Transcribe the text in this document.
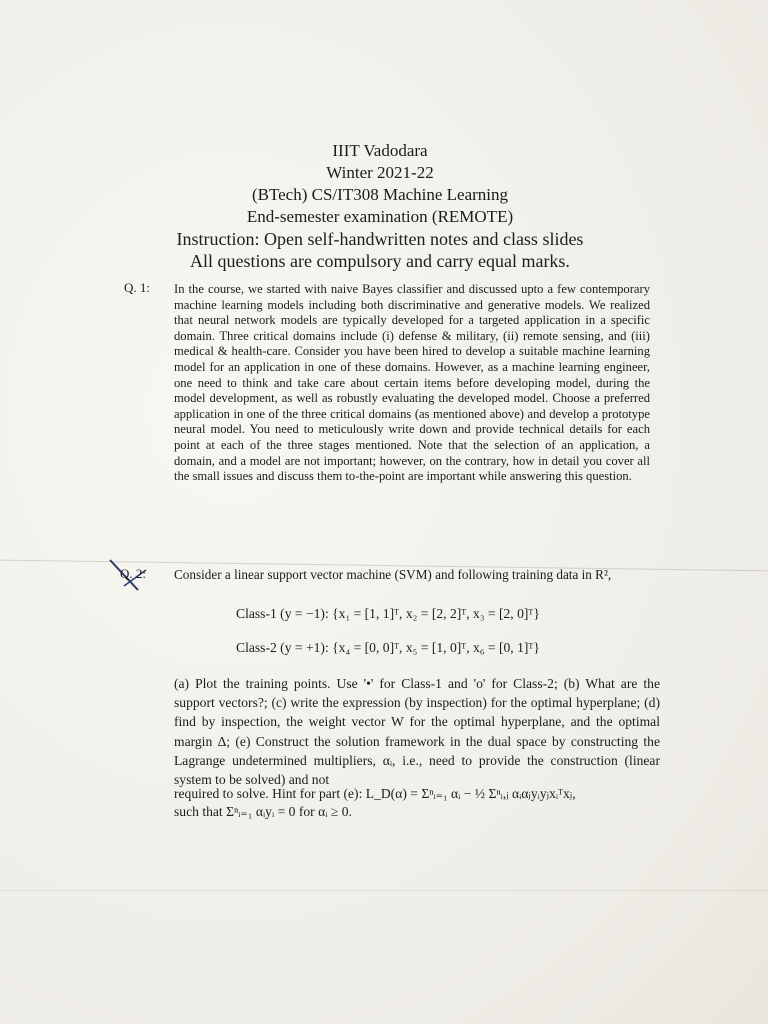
IIIT Vadodara
Winter 2021-22
(BTech) CS/IT308 Machine Learning
End-semester examination (REMOTE)
Instruction: Open self-handwritten notes and class slides
All questions are compulsory and carry equal marks.
Q. 1: In the course, we started with naive Bayes classifier and discussed upto a few contemporary machine learning models including both discriminative and generative models. We realized that neural network models are typically developed for a targeted application in a specific domain. Three critical domains include (i) defense & military, (ii) remote sensing, and (iii) medical & health-care. Consider you have been hired to develop a suitable machine learning model for an application in one of these domains. However, as a machine learning engineer, one need to think and take care about certain items before developing model, during the model development, as well as robustly evaluating the developed model. Choose a preferred application in one of the three critical domains (as mentioned above) and develop a prototype neural model. You need to meticulously write down and provide technical details for each point at each of the three stages mentioned. Note that the selection of an application, a domain, and a model are not important; however, on the contrary, how in detail you cover all the small issues and discuss them to-the-point are important while answering this question.
Q. 2: Consider a linear support vector machine (SVM) and following training data in R²,
Class-1 (y = −1): {x₁ = [1, 1]ᵀ, x₂ = [2, 2]ᵀ, x₃ = [2, 0]ᵀ}
Class-2 (y = +1): {x₄ = [0, 0]ᵀ, x₅ = [1, 0]ᵀ, x₆ = [0, 1]ᵀ}
(a) Plot the training points. Use '•' for Class-1 and 'o' for Class-2; (b) What are the support vectors?; (c) write the expression (by inspection) for the optimal hyperplane; (d) find by inspection, the weight vector W for the optimal hyperplane, and the optimal margin Δ; (e) Construct the solution framework in the dual space by constructing the Lagrange undetermined multipliers, αᵢ, i.e., need to provide the construction (linear system to be solved) and not
required to solve. Hint for part (e): L_D(α) = Σⁿᵢ₌₁ αᵢ − ½ Σⁿᵢ,ⱼ αᵢαⱼyᵢyⱼxᵢᵀxⱼ,
such that Σⁿᵢ₌₁ αᵢyᵢ = 0 for αᵢ ≥ 0.
